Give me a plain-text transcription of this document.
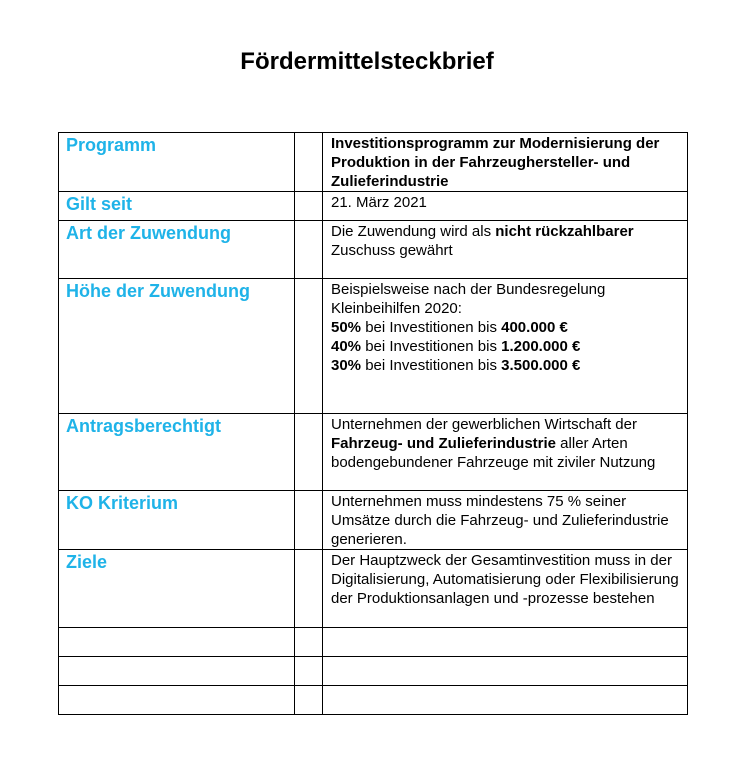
Fördermittelsteckbrief
Programm		Investitionsprogramm zur Modernisierung der Produktion in der Fahrzeughersteller- und Zulieferindustrie

Gilt seit		21. März 2021

Art der Zuwendung		Die Zuwendung wird als nicht rückzahlbarer Zuschuss gewährt

Höhe der Zuwendung		Beispielsweise nach der Bundesregelung Kleinbeihilfen 2020:
50% bei Investitionen bis 400.000 €
40% bei Investitionen bis 1.200.000 €
30% bei Investitionen bis 3.500.000 €

Antragsberechtigt		Unternehmen der gewerblichen Wirtschaft der Fahrzeug- und Zulieferindustrie aller Arten bodengebundener Fahrzeuge mit ziviler Nutzung

KO Kriterium		Unternehmen muss mindestens 75 % seiner Umsätze durch die Fahrzeug- und Zulieferindustrie generieren.

Ziele		Der Hauptzweck der Gesamtinvestition muss in der Digitalisierung, Automatisierung oder Flexibilisierung der Produktionsanlagen und -prozesse bestehen
